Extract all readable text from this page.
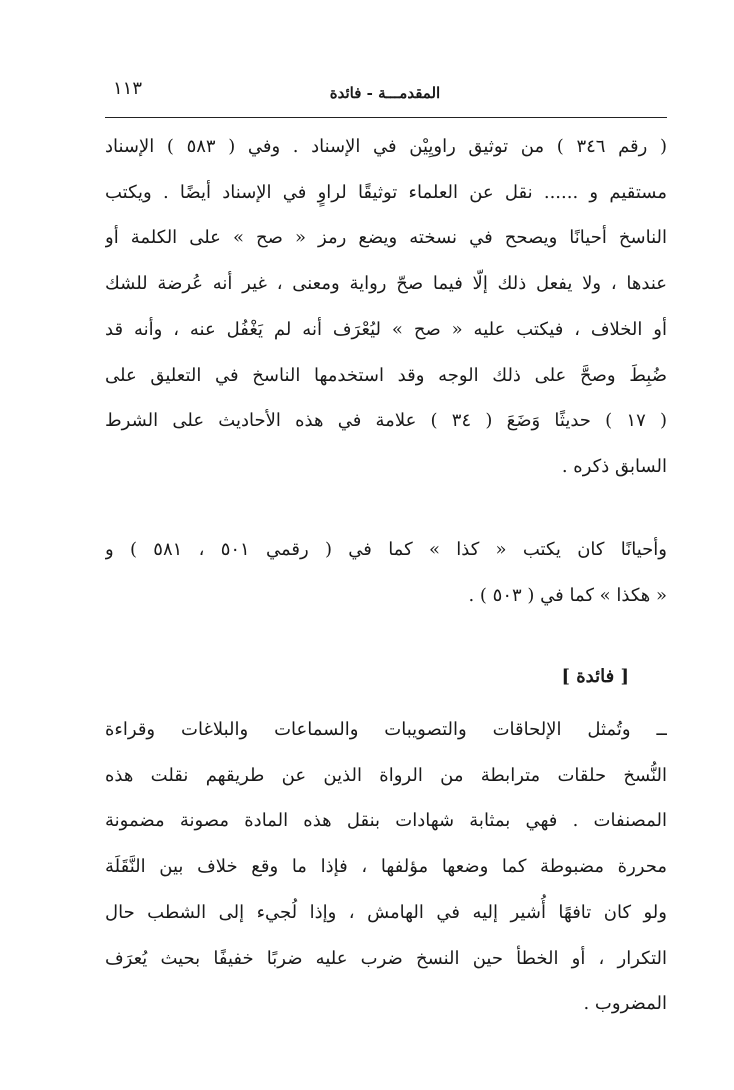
١١٣	المقدمـــة - فائدة
( رقم ٣٤٦ ) من توثيق راويِيْن في الإسناد . وفي ( ٥٨٣ ) الإسناد
مستقيم و ...... نقل عن العلماء توثيقًا لراوٍ في الإسناد أيضًا . ويكتب
الناسخ أحيانًا ويصحح في نسخته ويضع رمز « صح » على الكلمة أو
عندها ، ولا يفعل ذلك إلّا فيما صحّ رواية ومعنى ، غير أنه عُرضة للشك
أو الخلاف ، فيكتب عليه « صح » ليُعْرَف أنه لم يَغْفُل عنه ، وأنه قد
ضُبِطَ وصحَّ على ذلك الوجه وقد استخدمها الناسخ في التعليق على
( ١٧ ) حديثًا وَضَعَ ( ٣٤ ) علامة في هذه الأحاديث على الشرط
السابق ذكره .
وأحيانًا كان يكتب « كذا » كما في ( رقمي ٥٠١ ، ٥٨١ ) و
« هكذا » كما في ( ٥٠٣ ) .
[ فائدة ]
ــ وتُمثل الإلحاقات والتصويبات والسماعات والبلاغات وقراءة
النُّسخ حلقات مترابطة من الرواة الذين عن طريقهم نقلت هذه
المصنفات . فهي بمثابة شهادات بنقل هذه المادة مصونة مضمونة
محررة مضبوطة كما وضعها مؤلفها ، فإذا ما وقع خلاف بين النَّقَلَة
ولو كان تافهًا أُشير إليه في الهامش ، وإذا لُجيء إلى الشطب حال
التكرار ، أو الخطأ حين النسخ ضرب عليه ضربًا خفيفًا بحيث يُعرَف
المضروب .
